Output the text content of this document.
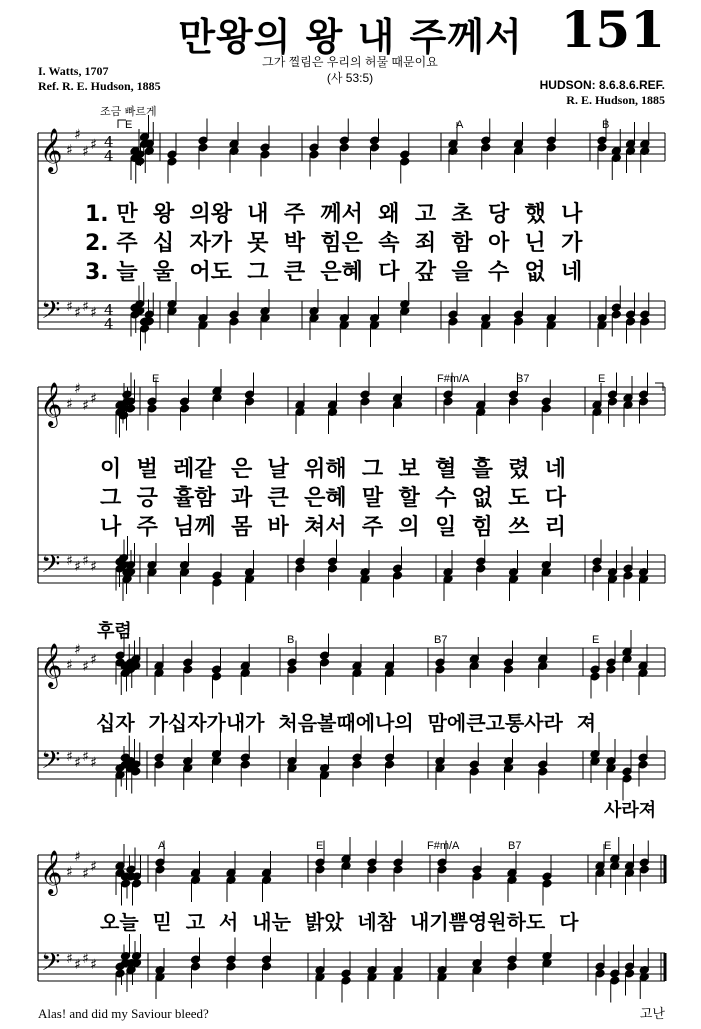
만왕의 왕 내 주께서 151
그가 찔림은 우리의 허물 때문이요
(사 53:5)
I. Watts, 1707
Ref. R. E. Hudson, 1885	HUDSON: 8.6.8.6.REF.
R. E. Hudson, 1885
조금 빠르게
𝄞 ♯
♯
♯ ♯ 4
4
𝄢 ♯ ♯ ♯ ♯ 4
4
𝄞 ♯
♯
♯ ♯
𝄢 ♯ ♯ ♯ ♯
𝄞 ♯
♯
♯ ♯
𝄢 ♯ ♯ ♯ ♯
𝄞 ♯
♯
♯ ♯
𝄢 ♯ ♯ ♯ ♯
E	A	B
E	F#m/A	B7	E
B	B7	E
A	E	F#m/A	B7	E
1. 만  왕  의왕  내  주  께서  왜  고  초  당  했  나
2. 주  십  자가  못  박  힘은  속  죄  함  아  닌  가
3. 늘  울  어도  그  큰  은혜  다  갚  을  수  없  네
이  벌  레같  은  날  위해  그  보  혈  흘  렸  네
그  긍  휼함  과  큰  은혜  말  할  수  없  도  다
나  주  님께  몸  바  쳐서  주  의  일  힘  쓰  리
후렴
십자  가십자가내가  처음볼때에나의  맘에큰고통사라  져
사라져
오늘  믿  고  서  내눈  밝았  네참  내기쁨영원하도  다
Alas! and did my Saviour bleed?	고난
